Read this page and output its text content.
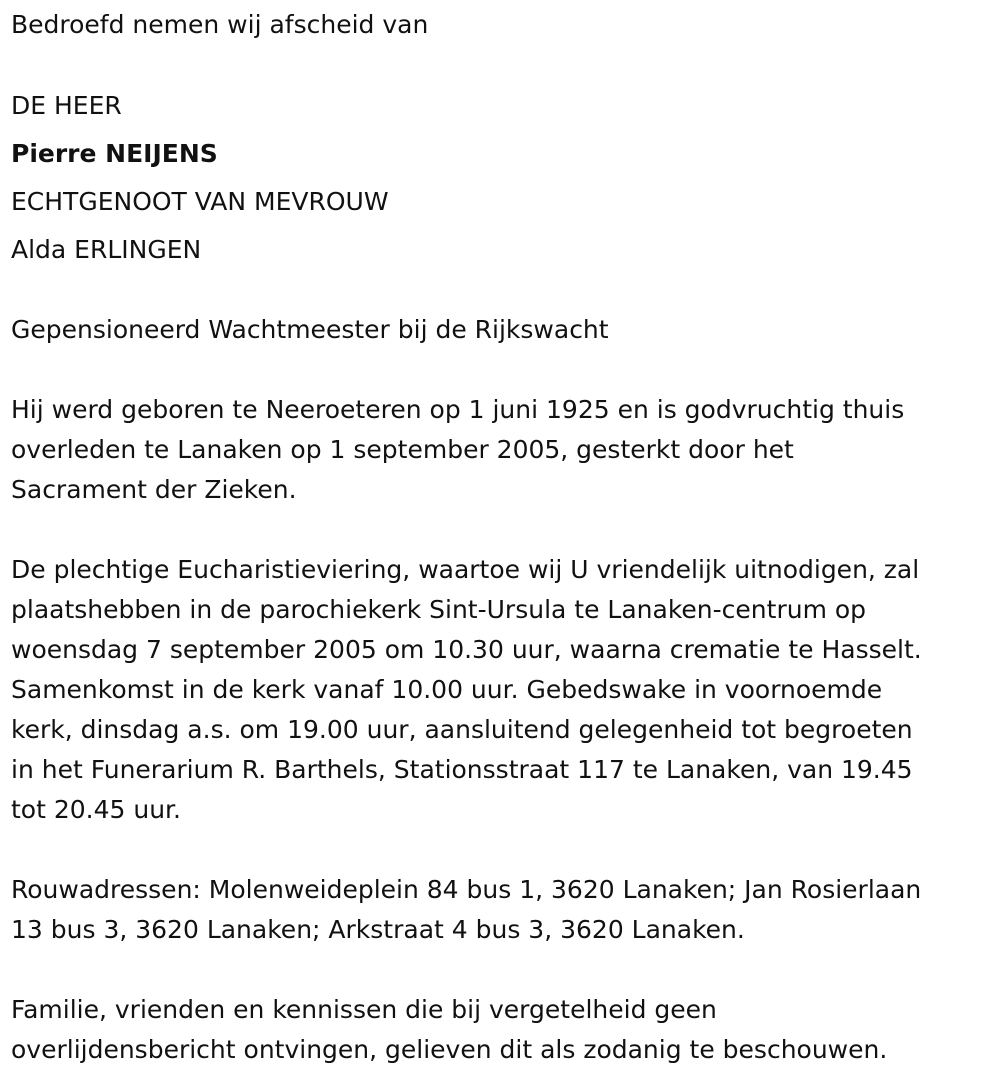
Bedroefd nemen wij afscheid van
DE HEER
Pierre NEIJENS
ECHTGENOOT VAN MEVROUW
Alda ERLINGEN
Gepensioneerd Wachtmeester bij de Rijkswacht
Hij werd geboren te Neeroeteren op 1 juni 1925 en is godvruchtig thuis
overleden te Lanaken op 1 september 2005, gesterkt door het
Sacrament der Zieken.
De plechtige Eucharistieviering, waartoe wij U vriendelijk uitnodigen, zal
plaatshebben in de parochiekerk Sint-Ursula te Lanaken-centrum op
woensdag 7 september 2005 om 10.30 uur, waarna crematie te Hasselt.
Samenkomst in de kerk vanaf 10.00 uur. Gebedswake in voornoemde
kerk, dinsdag a.s. om 19.00 uur, aansluitend gelegenheid tot begroeten
in het Funerarium R. Barthels, Stationsstraat 117 te Lanaken, van 19.45
tot 20.45 uur.
Rouwadressen: Molenweideplein 84 bus 1, 3620 Lanaken; Jan Rosierlaan
13 bus 3, 3620 Lanaken; Arkstraat 4 bus 3, 3620 Lanaken.
Familie, vrienden en kennissen die bij vergetelheid geen
overlijdensbericht ontvingen, gelieven dit als zodanig te beschouwen.
